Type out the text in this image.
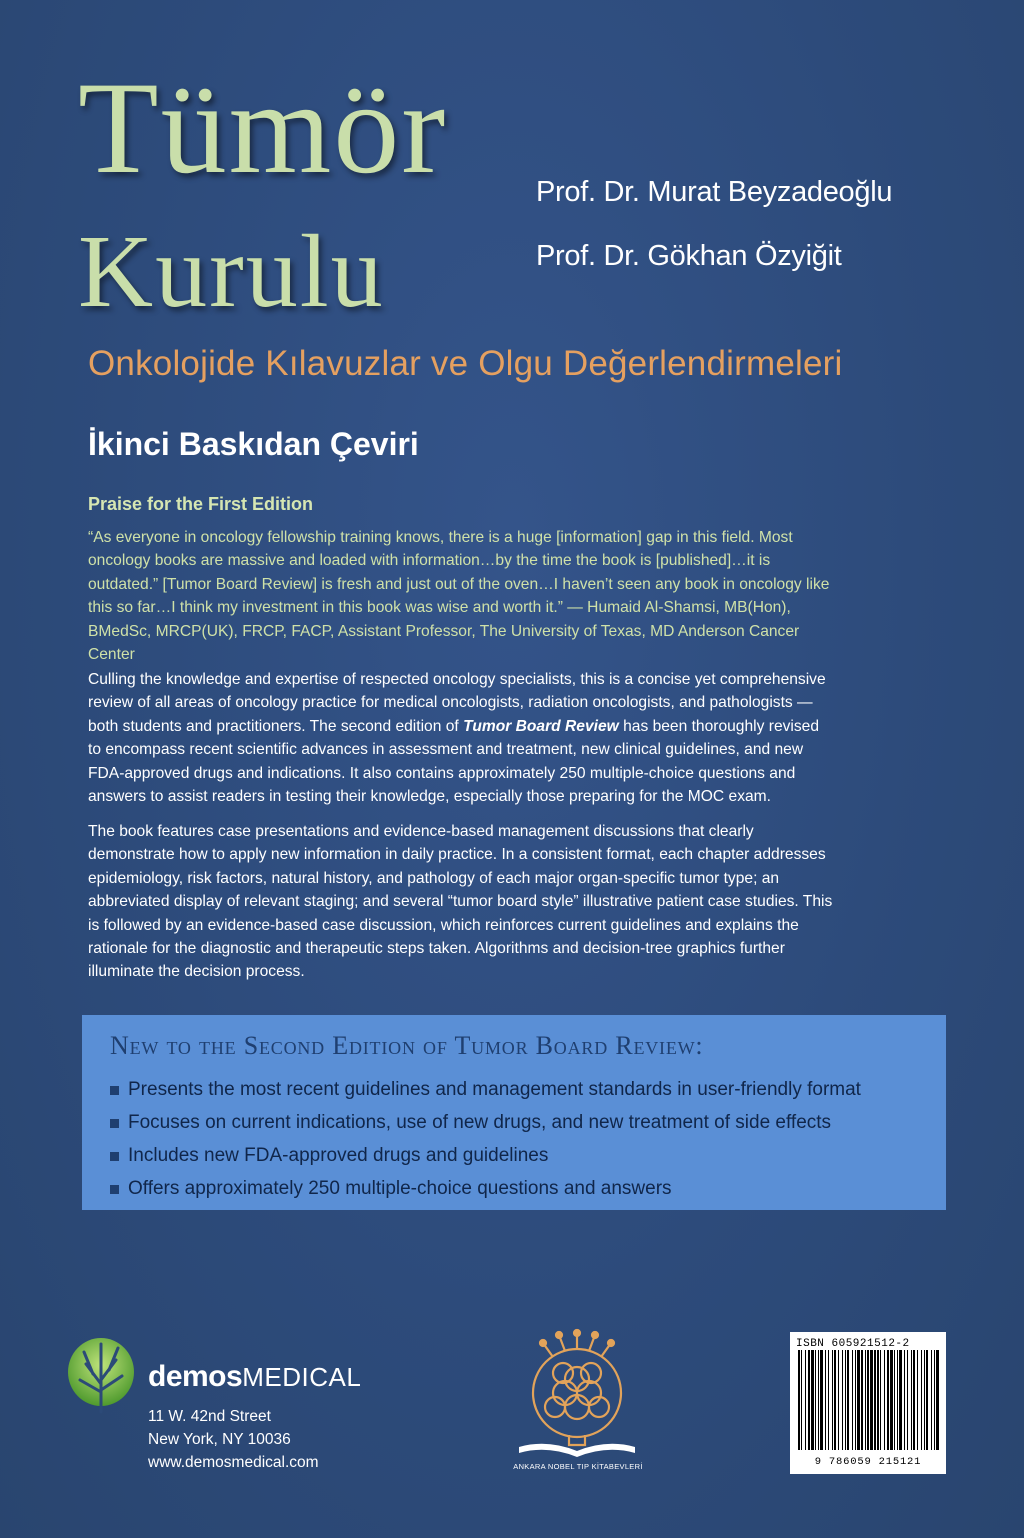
Tümör
Kurulu
Prof. Dr. Murat Beyzadeoğlu
Prof. Dr. Gökhan Özyiğit
Onkolojide Kılavuzlar ve Olgu Değerlendirmeleri
İkinci Baskıdan Çeviri
Praise for the First Edition
“As everyone in oncology fellowship training knows, there is a huge [information] gap in this field. Most oncology books are massive and loaded with information…by the time the book is [published]…it is outdated.” [Tumor Board Review] is fresh and just out of the oven…I haven’t seen any book in oncology like this so far…I think my investment in this book was wise and worth it.” — Humaid Al-Shamsi, MB(Hon), BMedSc, MRCP(UK), FRCP, FACP, Assistant Professor, The University of Texas, MD Anderson Cancer Center
Culling the knowledge and expertise of respected oncology specialists, this is a concise yet comprehensive review of all areas of oncology practice for medical oncologists, radiation oncologists, and pathologists — both students and practitioners. The second edition of Tumor Board Review has been thoroughly revised to encompass recent scientific advances in assessment and treatment, new clinical guidelines, and new FDA-approved drugs and indications. It also contains approximately 250 multiple-choice questions and answers to assist readers in testing their knowledge, especially those preparing for the MOC exam.
The book features case presentations and evidence-based management discussions that clearly demonstrate how to apply new information in daily practice. In a consistent format, each chapter addresses epidemiology, risk factors, natural history, and pathology of each major organ-specific tumor type; an abbreviated display of relevant staging; and several “tumor board style” illustrative patient case studies. This is followed by an evidence-based case discussion, which reinforces current guidelines and explains the rationale for the diagnostic and therapeutic steps taken. Algorithms and decision-tree graphics further illuminate the decision process.
New to the Second Edition of Tumor Board Review:
Presents the most recent guidelines and management standards in user-friendly format
Focuses on current indications, use of new drugs, and new treatment of side effects
Includes new FDA-approved drugs and guidelines
Offers approximately 250 multiple-choice questions and answers
demosMEDICAL
11 W. 42nd Street
New York, NY 10036
www.demosmedical.com	ANKARA NOBEL TIP KİTABEVLERİ
ISBN 605921512-2
9 786059 215121
